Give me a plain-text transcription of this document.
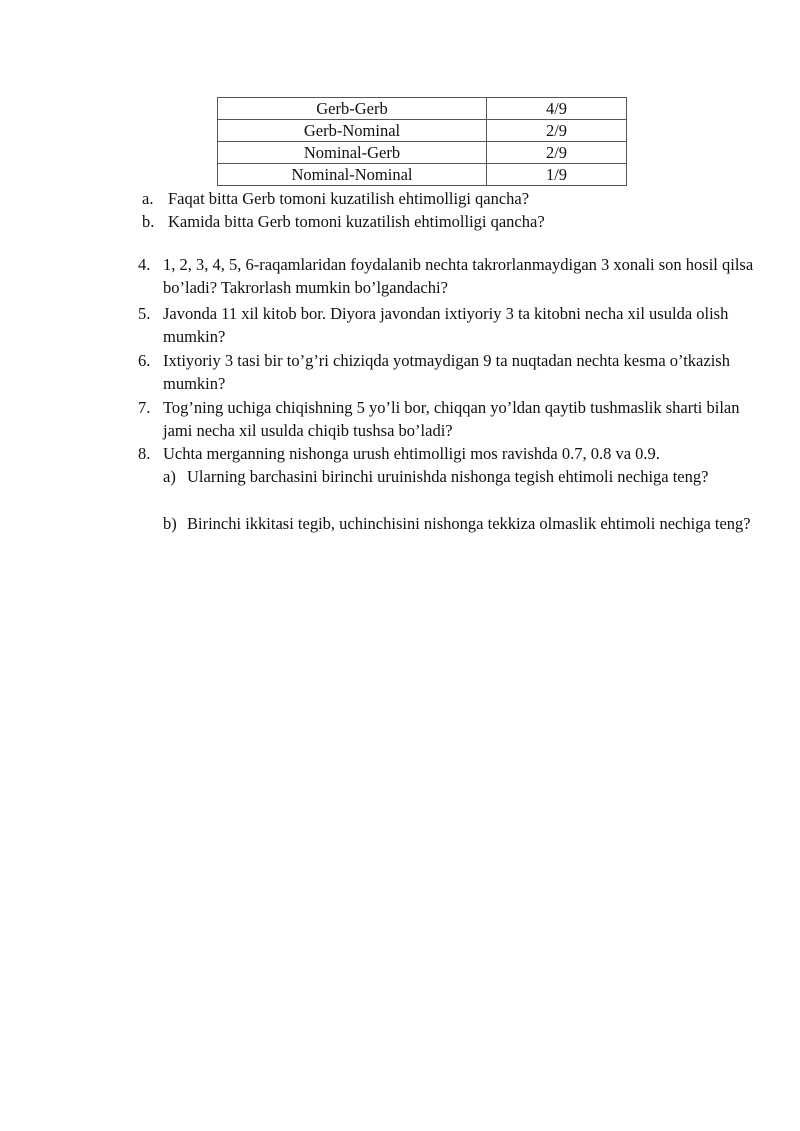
Gerb-Gerb	4/9
Gerb-Nominal	2/9
Nominal-Gerb	2/9
Nominal-Nominal	1/9
a. Faqat bitta Gerb tomoni kuzatilish ehtimolligi qancha?
b. Kamida bitta Gerb tomoni kuzatilish ehtimolligi qancha?
4. 1, 2, 3, 4, 5, 6-raqamlaridan foydalanib nechta takrorlanmaydigan 3 xonali son hosil qilsa bo’ladi? Takrorlash mumkin bo’lgandachi?
5. Javonda 11 xil kitob bor. Diyora javondan ixtiyoriy 3 ta kitobni necha xil usulda olish mumkin?
6. Ixtiyoriy 3 tasi bir to’g’ri chiziqda yotmaydigan 9 ta nuqtadan nechta kesma o’tkazish mumkin?
7. Tog’ning uchiga chiqishning 5 yo’li bor, chiqqan yo’ldan qaytib tushmaslik sharti bilan jami necha xil usulda chiqib tushsa bo’ladi?
8. Uchta merganning nishonga urush ehtimolligi mos ravishda 0.7, 0.8 va 0.9.
a) Ularning barchasini birinchi uruinishda nishonga tegish ehtimoli nechiga teng?
b) Birinchi ikkitasi tegib, uchinchisini nishonga tekkiza olmaslik ehtimoli nechiga teng?
